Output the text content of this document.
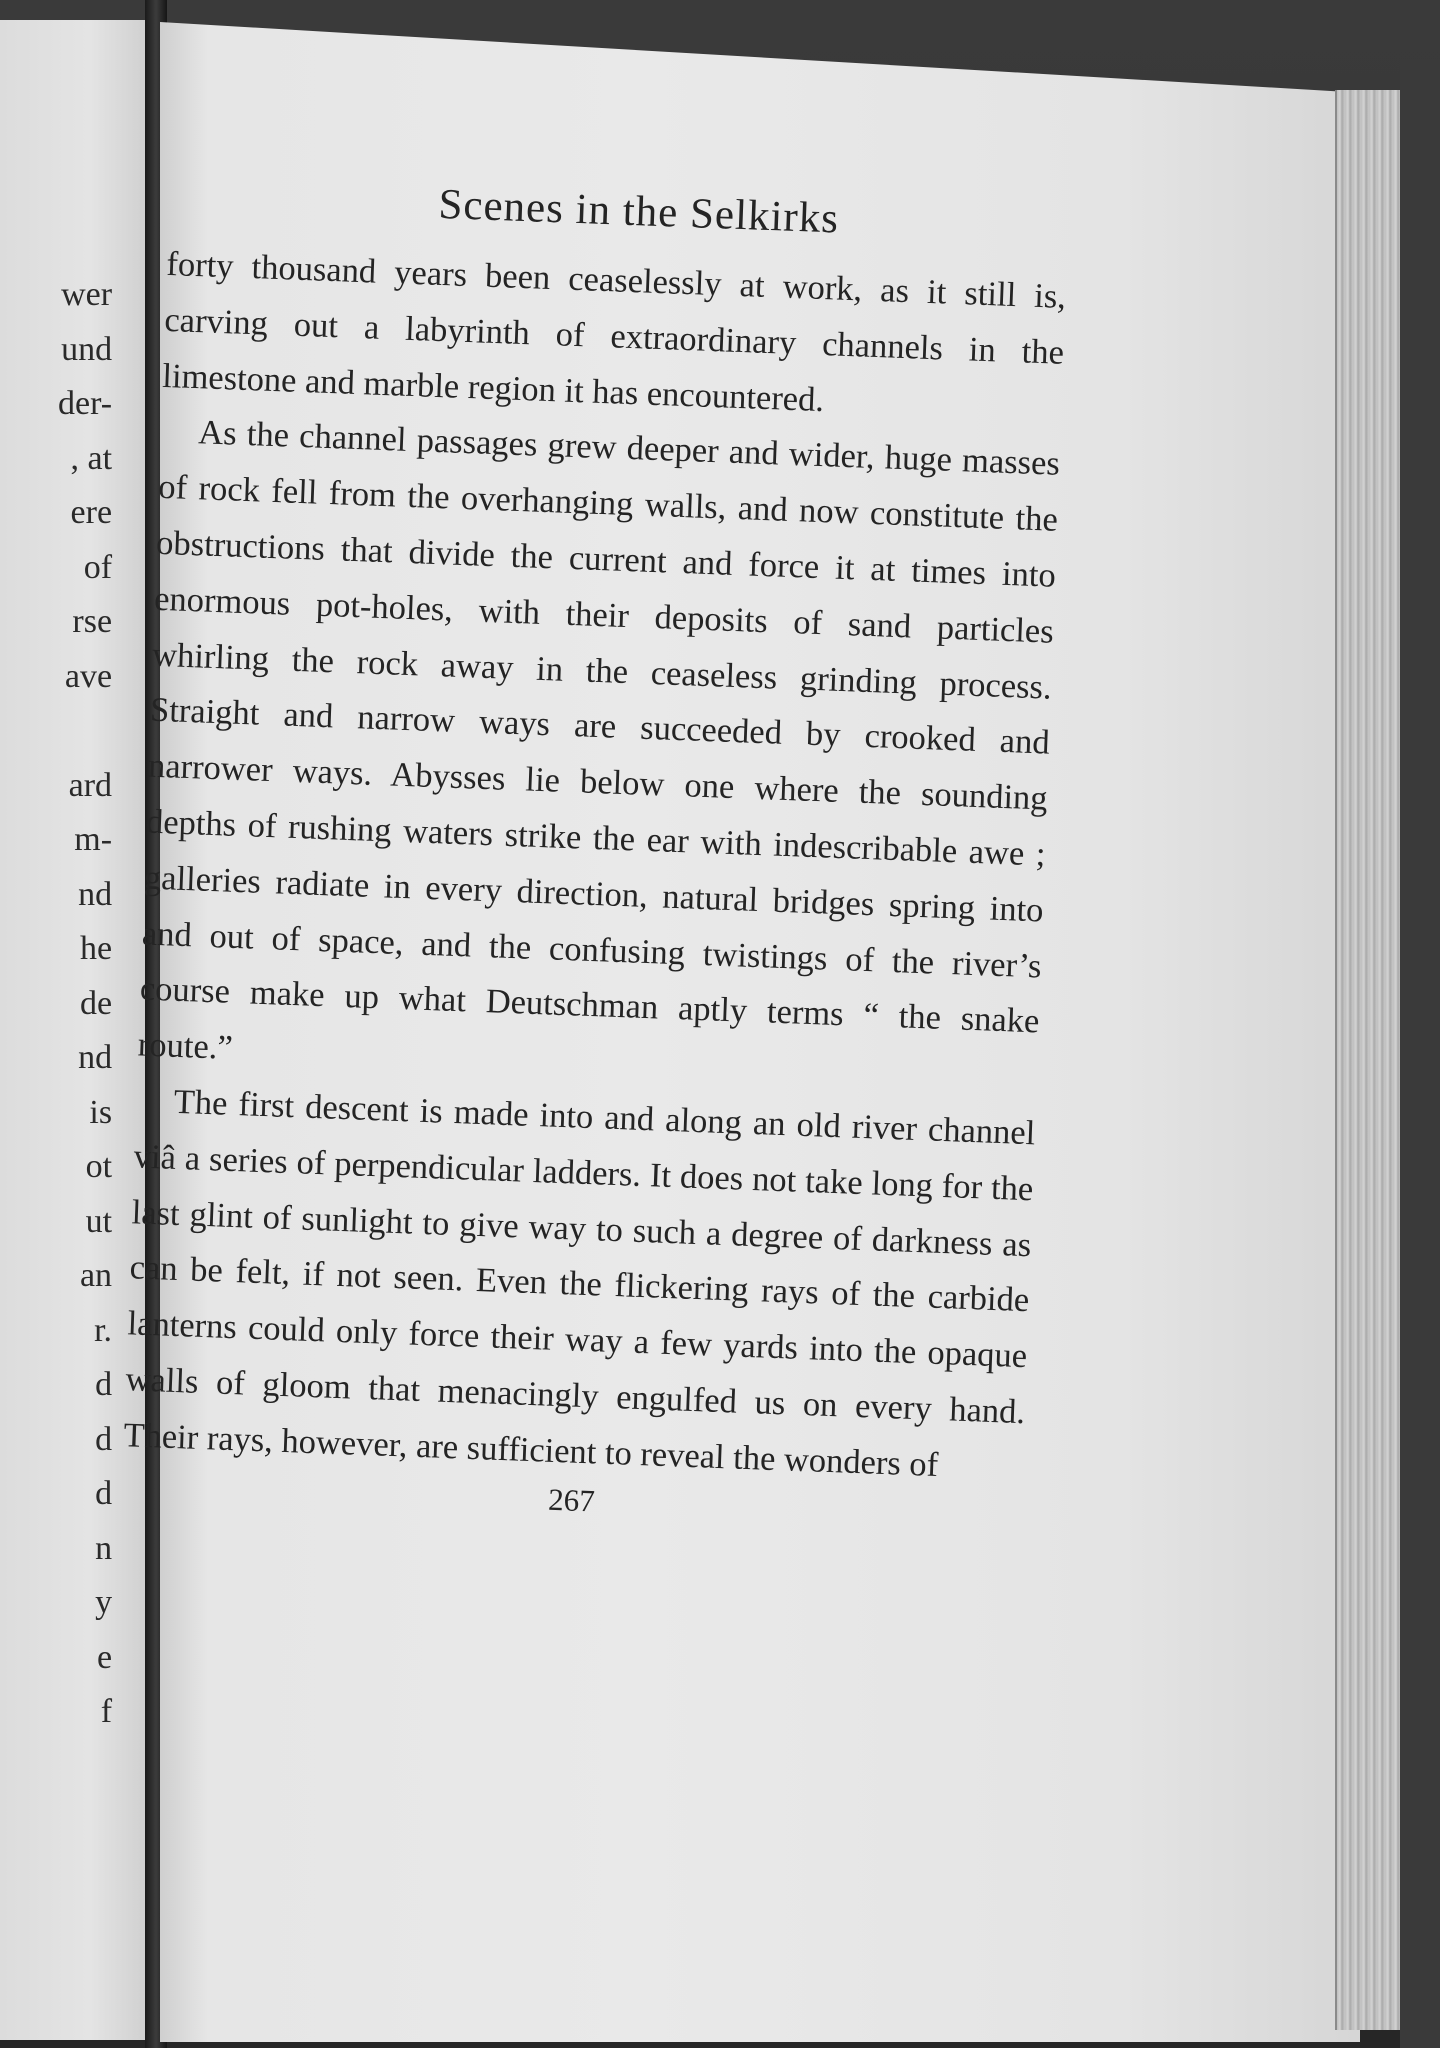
wer
und
der-
, at
ere
of
rse
ave
ard
m-
nd
he
de
nd
is
ot
ut
an
r.
d
d
d
n
y
e
f
Scenes in the Selkirks

forty thousand years been ceaselessly at work, as it still is, carving out a labyrinth of extraordinary channels in the limestone and marble region it has encountered.

As the channel passages grew deeper and wider, huge masses of rock fell from the overhanging walls, and now constitute the obstructions that divide the current and force it at times into enormous pot-holes, with their deposits of sand particles whirling the rock away in the ceaseless grinding process. Straight and narrow ways are succeeded by crooked and narrower ways. Abysses lie below one where the sounding depths of rushing waters strike the ear with indescribable awe ; galleries radiate in every direction, natural bridges spring into and out of space, and the confusing twistings of the river’s course make up what Deutschman aptly terms “ the snake route.”

The first descent is made into and along an old river channel viâ a series of perpendicular ladders. It does not take long for the last glint of sunlight to give way to such a degree of darkness as can be felt, if not seen. Even the flickering rays of the carbide lanterns could only force their way a few yards into the opaque walls of gloom that menacingly engulfed us on every hand. Their rays, however, are sufficient to reveal the wonders of

267
